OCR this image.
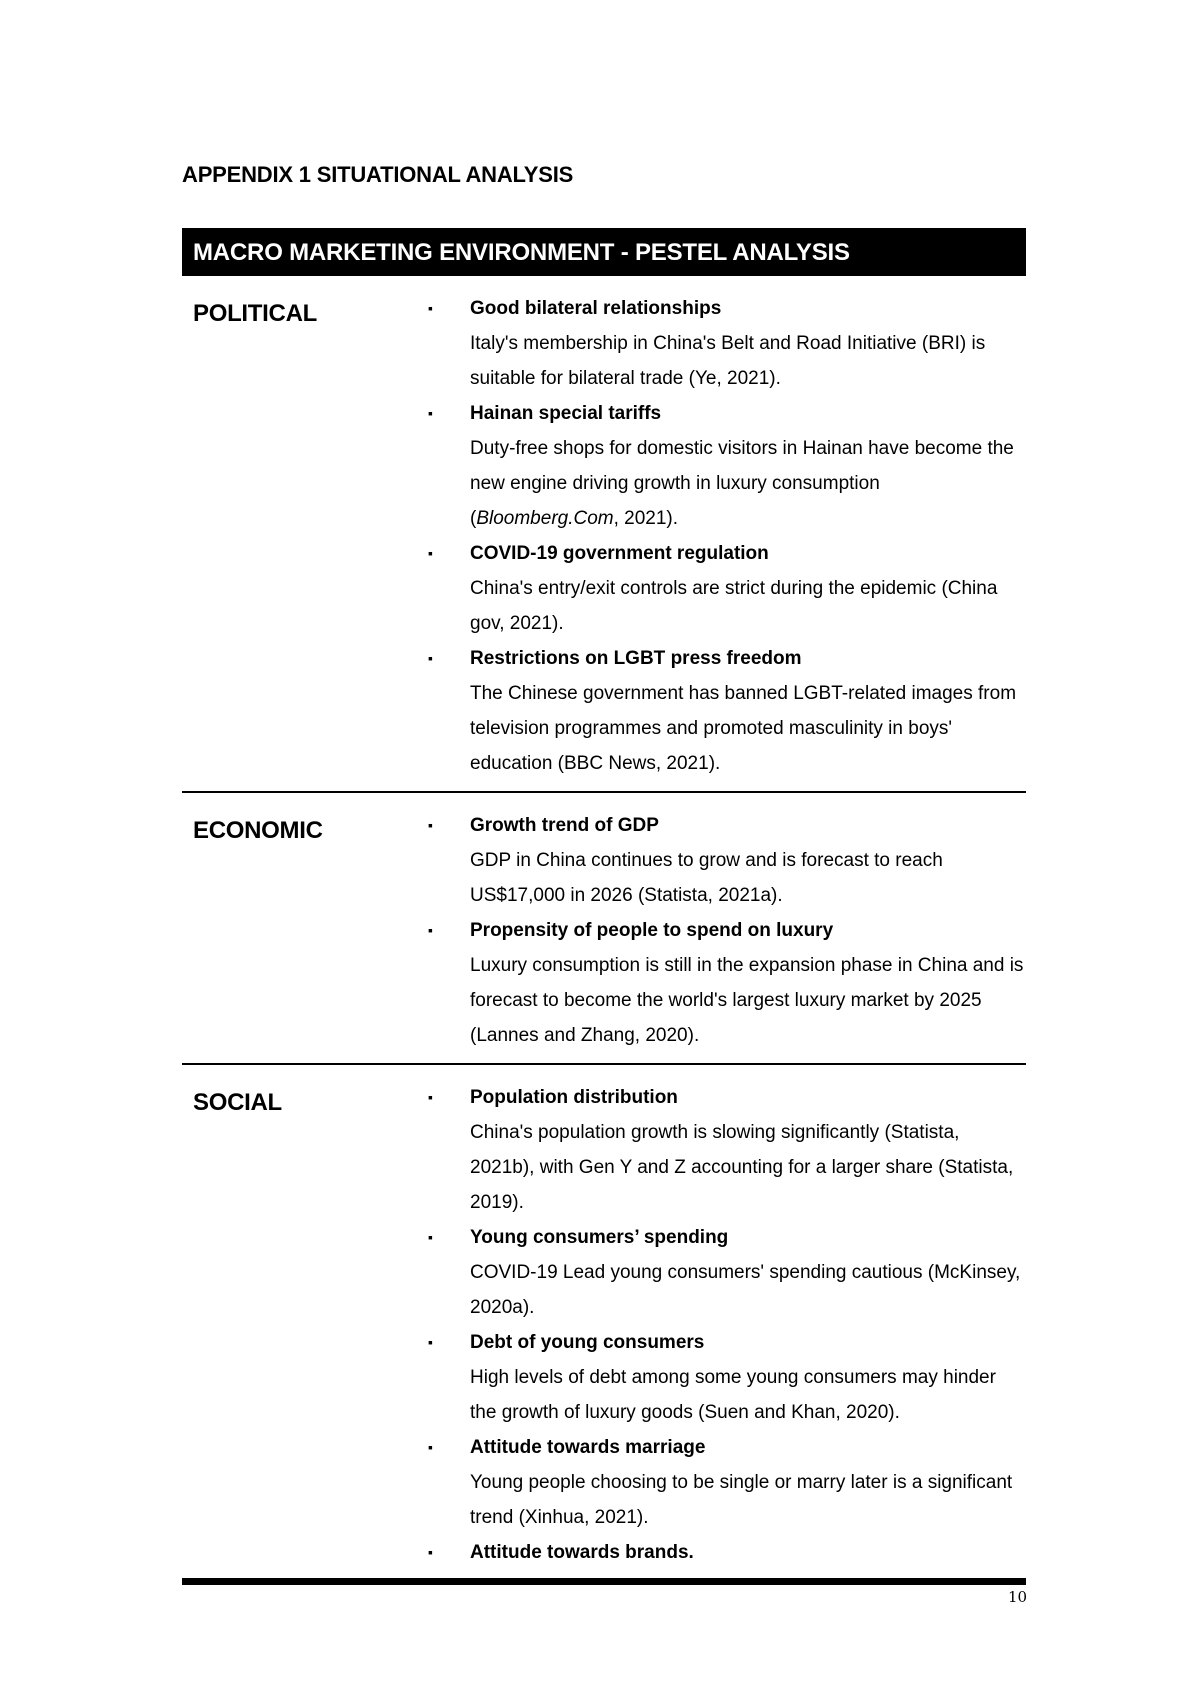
APPENDIX 1 SITUATIONAL ANALYSIS
MACRO MARKETING ENVIRONMENT - PESTEL ANALYSIS
POLITICAL	▪ Good bilateral relationships
Italy's membership in China's Belt and Road Initiative (BRI) is suitable for bilateral trade (Ye, 2021).
▪ Hainan special tariffs
Duty-free shops for domestic visitors in Hainan have become the new engine driving growth in luxury consumption (Bloomberg.Com, 2021).
▪ COVID-19 government regulation
China's entry/exit controls are strict during the epidemic (China gov, 2021).
▪ Restrictions on LGBT press freedom
The Chinese government has banned LGBT-related images from television programmes and promoted masculinity in boys' education (BBC News, 2021).
ECONOMIC	▪ Growth trend of GDP
GDP in China continues to grow and is forecast to reach US$17,000 in 2026 (Statista, 2021a).
▪ Propensity of people to spend on luxury
Luxury consumption is still in the expansion phase in China and is forecast to become the world's largest luxury market by 2025 (Lannes and Zhang, 2020).
SOCIAL	▪ Population distribution
China's population growth is slowing significantly (Statista, 2021b), with Gen Y and Z accounting for a larger share (Statista, 2019).
▪ Young consumers’ spending
COVID-19 Lead young consumers' spending cautious (McKinsey, 2020a).
▪ Debt of young consumers
High levels of debt among some young consumers may hinder the growth of luxury goods (Suen and Khan, 2020).
▪ Attitude towards marriage
Young people choosing to be single or marry later is a significant trend (Xinhua, 2021).
▪ Attitude towards brands.
10
